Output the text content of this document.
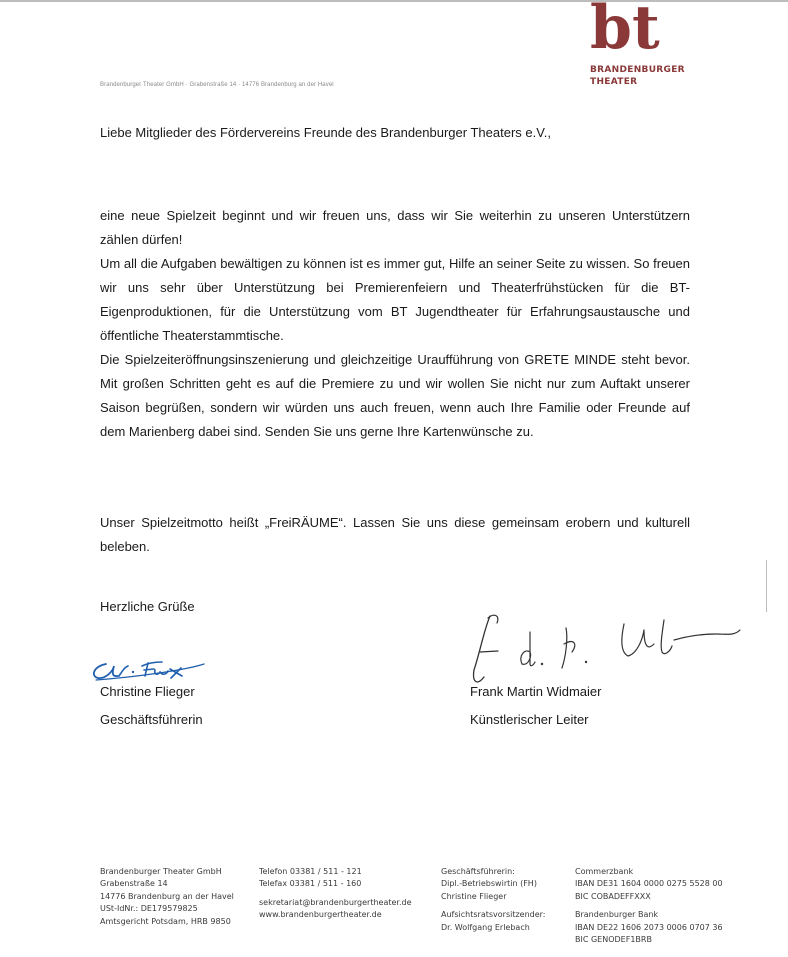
bt
BRANDENBURGER
THEATER
Brandenburger Theater GmbH · Grabenstraße 14 · 14776 Brandenburg an der Havel
Liebe Mitglieder des Fördervereins Freunde des Brandenburger Theaters e.V.,

eine neue Spielzeit beginnt und wir freuen uns, dass wir Sie weiterhin zu unseren Unterstützern zählen dürfen!

Um all die Aufgaben bewältigen zu können ist es immer gut, Hilfe an seiner Seite zu wissen. So freuen wir uns sehr über Unterstützung bei Premierenfeiern und Theaterfrühstücken für die BT-Eigenproduktionen, für die Unterstützung vom BT Jugendtheater für Erfahrungsaustausche und öffentliche Theaterstammtische.

Die Spielzeiteröffnungsinszenierung und gleichzeitige Uraufführung von GRETE MINDE steht bevor. Mit großen Schritten geht es auf die Premiere zu und wir wollen Sie nicht nur zum Auftakt unserer Saison begrüßen, sondern wir würden uns auch freuen, wenn auch Ihre Familie oder Freunde auf dem Marienberg dabei sind. Senden Sie uns gerne Ihre Kartenwünsche zu.

Unser Spielzeitmotto heißt „FreiRÄUME“. Lassen Sie uns diese gemeinsam erobern und kulturell beleben.

Herzliche Grüße
Christine Flieger
Geschäftsführerin
Frank Martin Widmaier
Künstlerischer Leiter
Brandenburger Theater GmbH
Grabenstraße 14
14776 Brandenburg an der Havel
USt-IdNr.: DE179579825
Amtsgericht Potsdam, HRB 9850
Telefon 03381 / 511 - 121
Telefax 03381 / 511 - 160
sekretariat@brandenburgertheater.de
www.brandenburgertheater.de
Geschäftsführerin:
Dipl.-Betriebswirtin (FH)
Christine Flieger
Aufsichtsratsvorsitzender:
Dr. Wolfgang Erlebach
Commerzbank
IBAN DE31 1604 0000 0275 5528 00
BIC COBADEFFXXX
Brandenburger Bank
IBAN DE22 1606 2073 0006 0707 36
BIC GENODEF1BRB
